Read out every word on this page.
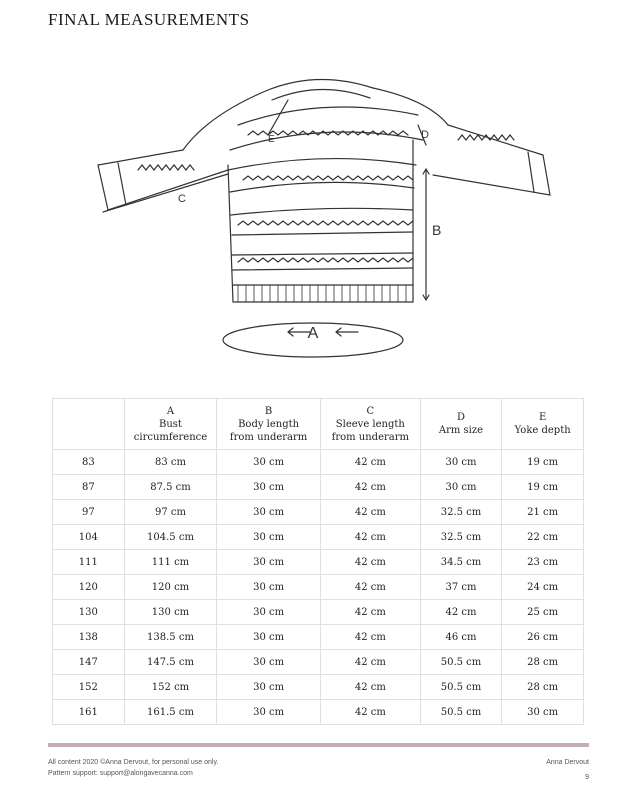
FINAL MEASUREMENTS
A
B
C
D
E

	A
Bust
circumference	B
Body length
from underarm	C
Sleeve length
from underarm	D
Arm size	E
Yoke depth

83	83 cm	30 cm	42 cm	30 cm	19 cm
87	87.5 cm	30 cm	42 cm	30 cm	19 cm
97	97 cm	30 cm	42 cm	32.5 cm	21 cm
104	104.5 cm	30 cm	42 cm	32.5 cm	22 cm
111	111 cm	30 cm	42 cm	34.5 cm	23 cm
120	120 cm	30 cm	42 cm	37 cm	24 cm
130	130 cm	30 cm	42 cm	42 cm	25 cm
138	138.5 cm	30 cm	42 cm	46 cm	26 cm
147	147.5 cm	30 cm	42 cm	50.5 cm	28 cm
152	152 cm	30 cm	42 cm	50.5 cm	28 cm
161	161.5 cm	30 cm	42 cm	50.5 cm	30 cm
All content 2020 ©Anna Dervout, for personal use only.
Pattern support: support@alongavecanna.com
Anna Dervout
9
